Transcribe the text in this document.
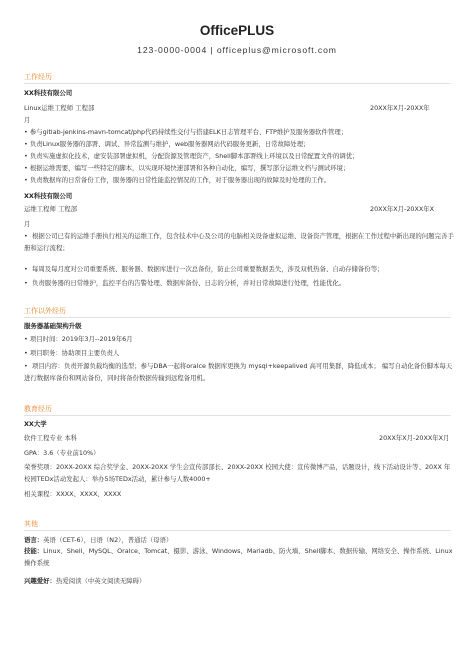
OfficePLUS
123-0000-0004 | officeplus@microsoft.com
工作经历
XX科技有限公司
Linux运维工程师 工程部	20XX年X月-20XX年
月
• 参与gitlab-jenkins-mavn-tomcat/php代码持续性交付与搭建ELK日志管理平台、FTP维护及服务器软件管理；
• 负责Linux服务器的部署、调试、异常监测与维护，web服务器网站代码服务更新，日常故障处理；
• 负责实施虚拟化技术，虚安装部署虚拟机，分配资源及管理资产，Shell脚本部署线上环境以及日常配置文件的调优；
• 根据运维需要，编写一些特定的脚本，以实现环境快速部署和各种自动化，编写，撰写部分运维文档与测试环境；
• 负责数据库的日常备份工作，服务器的日常性能监控情况的工作，对于服务器出现的故障及时处理的工作。
XX科技有限公司
运维工程师 工程部	20XX年X月-20XX年X
月
• 根据公司已有的运维手册执行相关的运维工作，包含技术中心及公司的电脑相关设备虚拟运维、设备资产管理，根据在工作过程中新出现的问题完善手册和运行流程；
• 每周及每月度对公司重要系统、服务器、数据库进行一次总备份，防止公司重要数据丢失，涉及双机热备、自动存储备份等；
• 负责服务器的日常维护，监控平台的告警处理、数据库备份、日志的分析，并对日常故障进行处理，性能优化。
工作以外经历
服务器基础架构升级
• 项目时间：2019年3月--2019年6月
• 项目职务：协助项目主要负责人
• 项目内容：负责开源负载均衡的选型；参与DBA一起将oralce 数据库更换为 mysql+keepalived 高可用集群，降低成本； 编写自动化备份脚本每天进行数据库备份和网站备份，同时将备份数据传输到远程备用机。
教育经历
XX大学
软件工程专业 本科	20XX年X月-20XX年X月
GPA：3.6（专业前10%）
荣誉奖项：20XX-20XX 综合奖学金、20XX-20XX 学生会宣传部部长、20XX-20XX 校园大使：宣传微博产品，话题设计，线下活动设计等、20XX 年校园TEDx活动发起人：举办5场TEDx活动，累计参与人数4000+
相关课程：XXXX、XXXX、XXXX
其他
语言：英语（CET-6），日语（N2），普通话（母语）
技能：Linux、Shell、MySQL、Oralce、Tomcat、摄影、游泳、Windows、Mariadb、防火墙、Shell脚本、数据传输、网络安全、操作系统、Linux操作系统
兴趣爱好：热爱阅读（中英文阅读无障碍）
